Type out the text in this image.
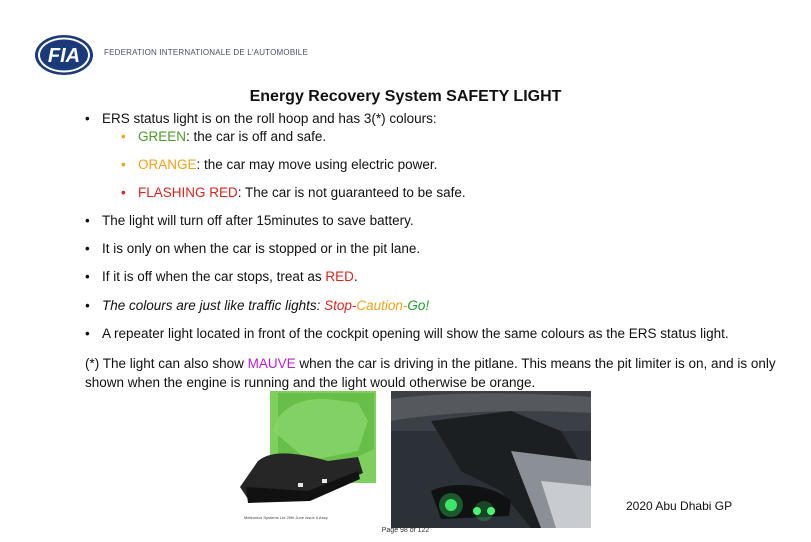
FIA	FEDERATION INTERNATIONALE DE L'AUTOMOBILE
Energy Recovery System SAFETY LIGHT
ERS status light is on the roll hoop and has 3(*) colours:
• GREEN: the car is off and safe.
• ORANGE: the car may move using electric power.
• FLASHING RED: The car is not guaranteed to be safe.
The light will turn off after 15minutes to save battery.
It is only on when the car is stopped or in the pit lane.
If it is off when the car stops, treat as RED.
The colours are just like traffic lights: Stop-Caution-Go!
A repeater light located in front of the cockpit opening will show the same colours as the ERS status light.
(*) The light can also show MAUVE when the car is driving in the pitlane. This means the pit limiter is on, and is only shown when the engine is running and the light would otherwise be orange.
Meltronics Systems Ltd 25th June Issue 6 Assy.
2020 Abu Dhabi GP
Page 98 of 122
